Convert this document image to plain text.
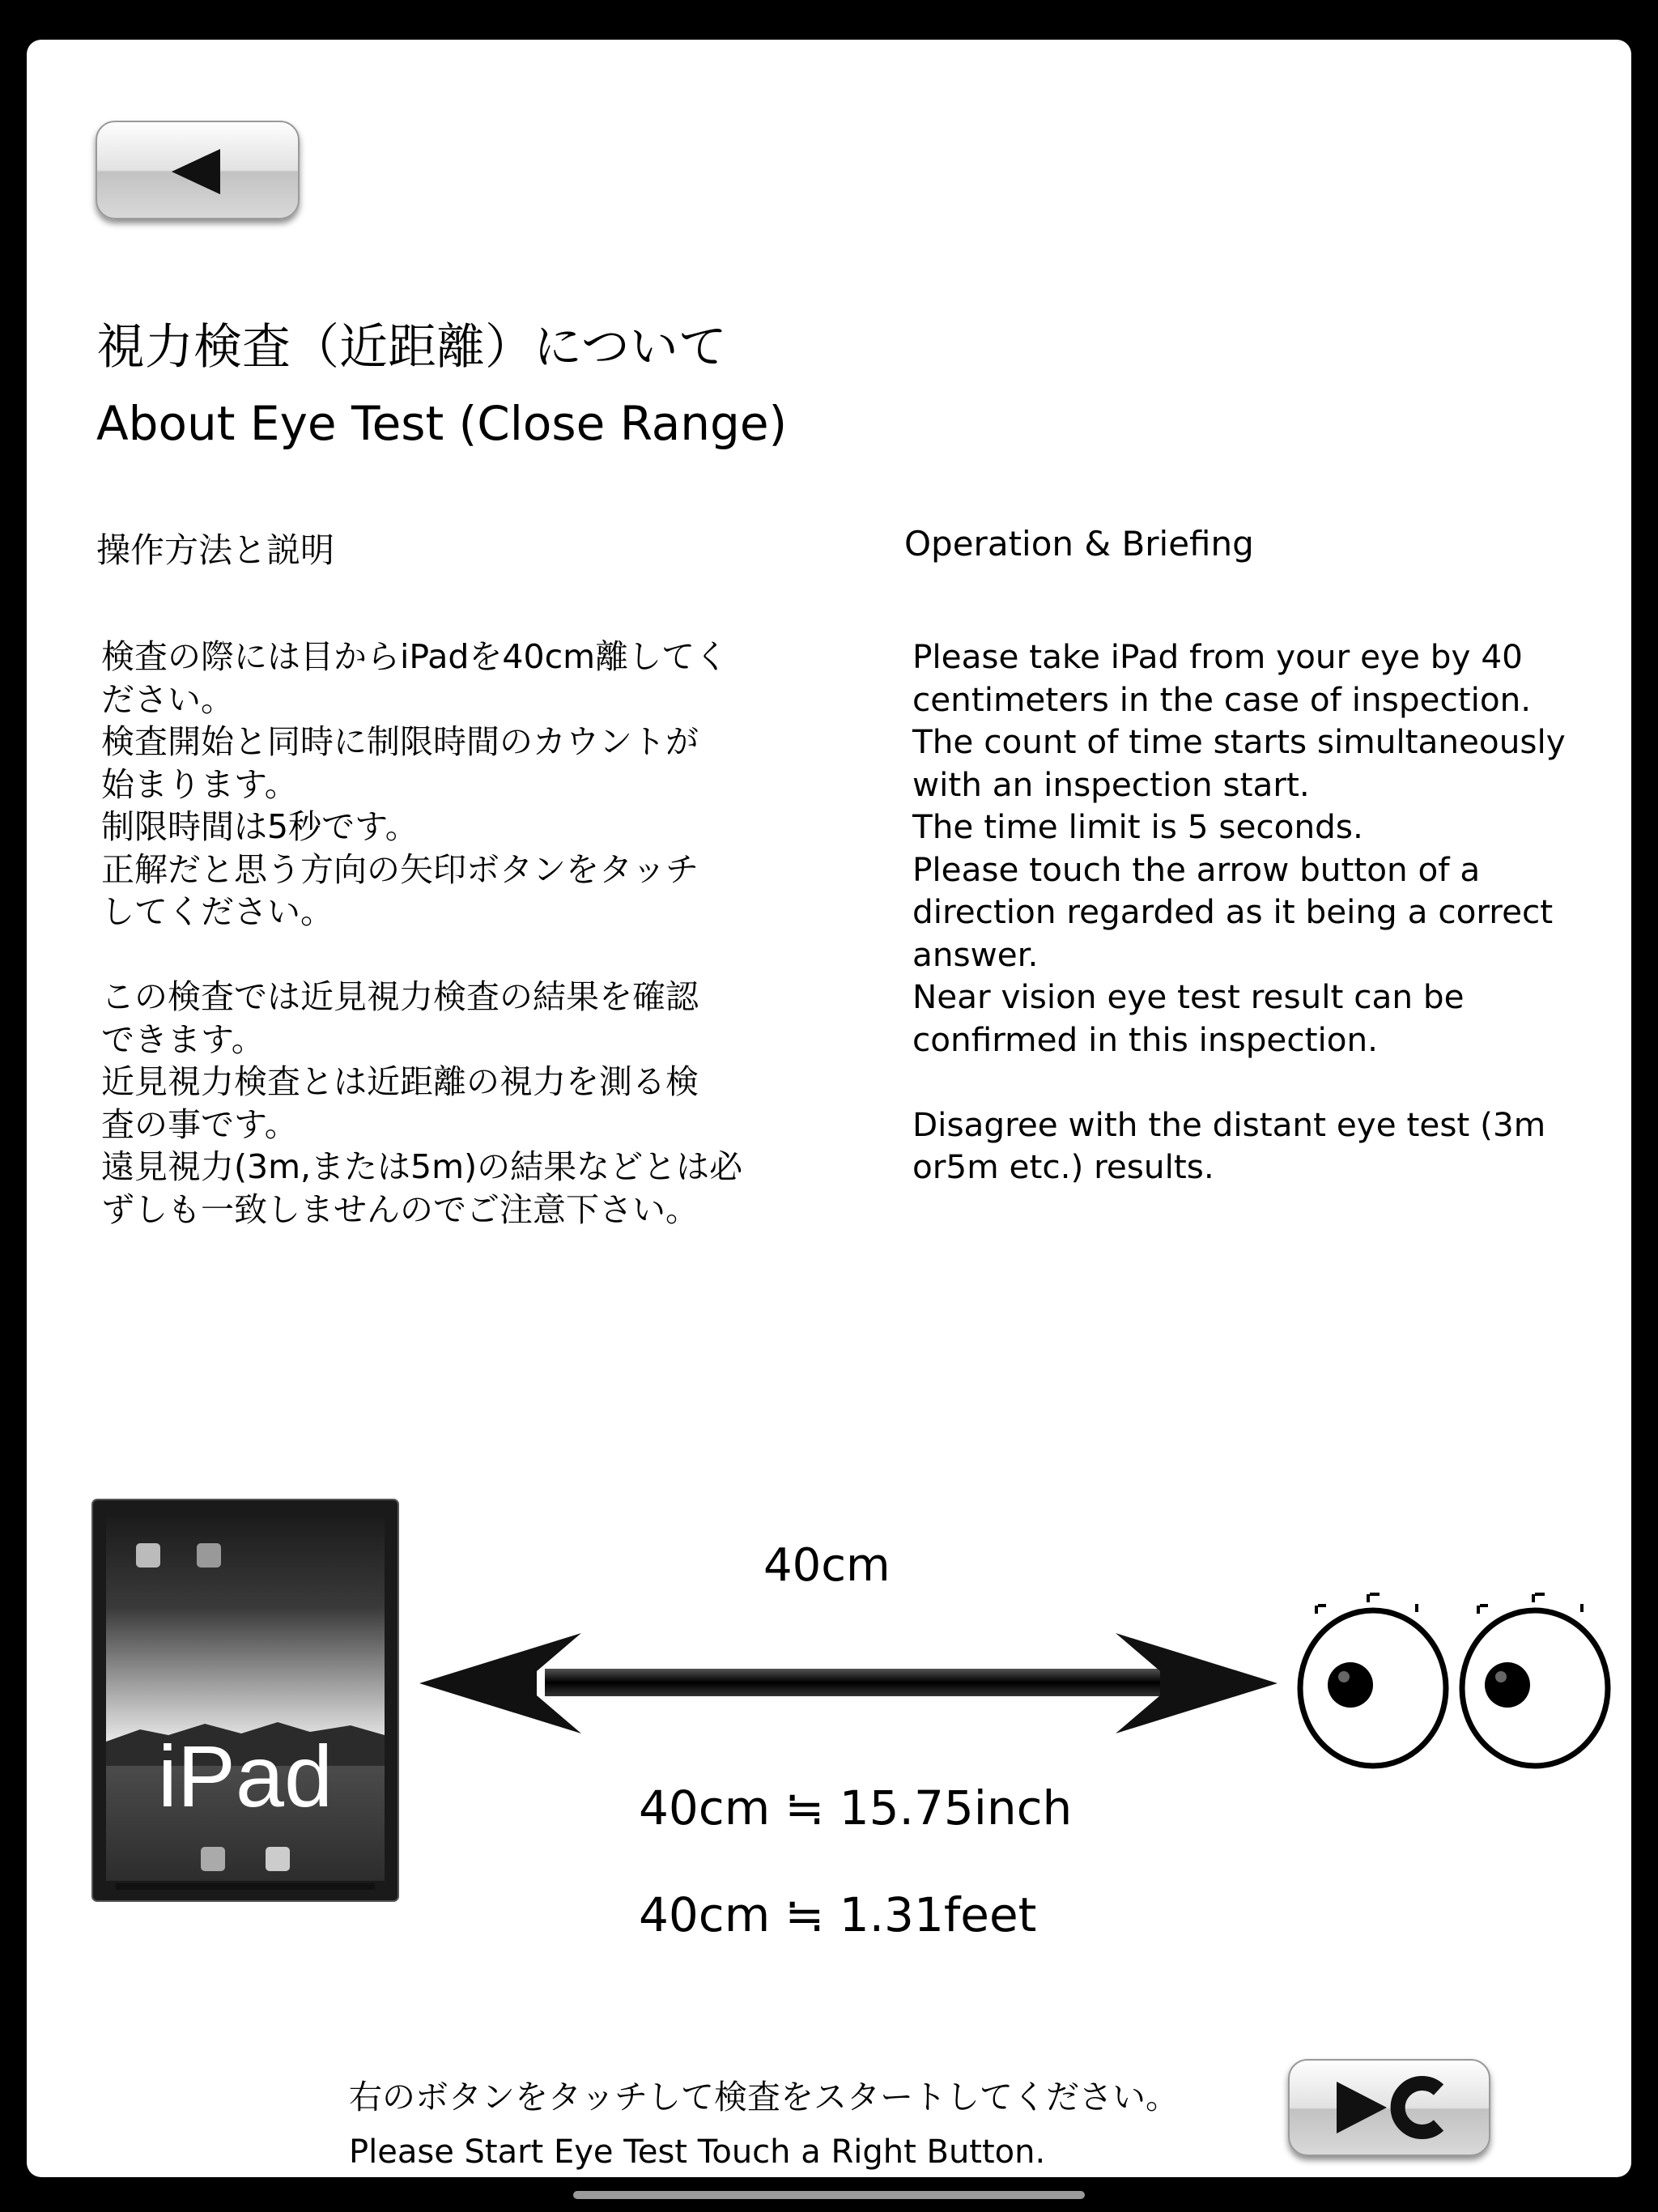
視力検査（近距離）について
About Eye Test (Close Range)
操作方法と説明	Operation & Briefing
検査の際には目からiPadを40cm離してく
ださい。
検査開始と同時に制限時間のカウントが
始まります。
制限時間は5秒です。
正解だと思う方向の矢印ボタンをタッチ
してください。
この検査では近見視力検査の結果を確認
できます。
近見視力検査とは近距離の視力を測る検
査の事です。
遠見視力(3m,または5m)の結果などとは必
ずしも一致しませんのでご注意下さい。
Please take iPad from your eye by 40
centimeters in the case of inspection.
The count of time starts simultaneously
with an inspection start.
The time limit is 5 seconds.
Please touch the arrow button of a
direction regarded as it being a correct
answer.
Near vision eye test result can be
confirmed in this inspection.
Disagree with the distant eye test (3m
or5m etc.) results.
iPad
40cm
40cm ≒ 15.75inch
40cm ≒ 1.31feet
右のボタンをタッチして検査をスタートしてください。
Please Start Eye Test Touch a Right Button.
